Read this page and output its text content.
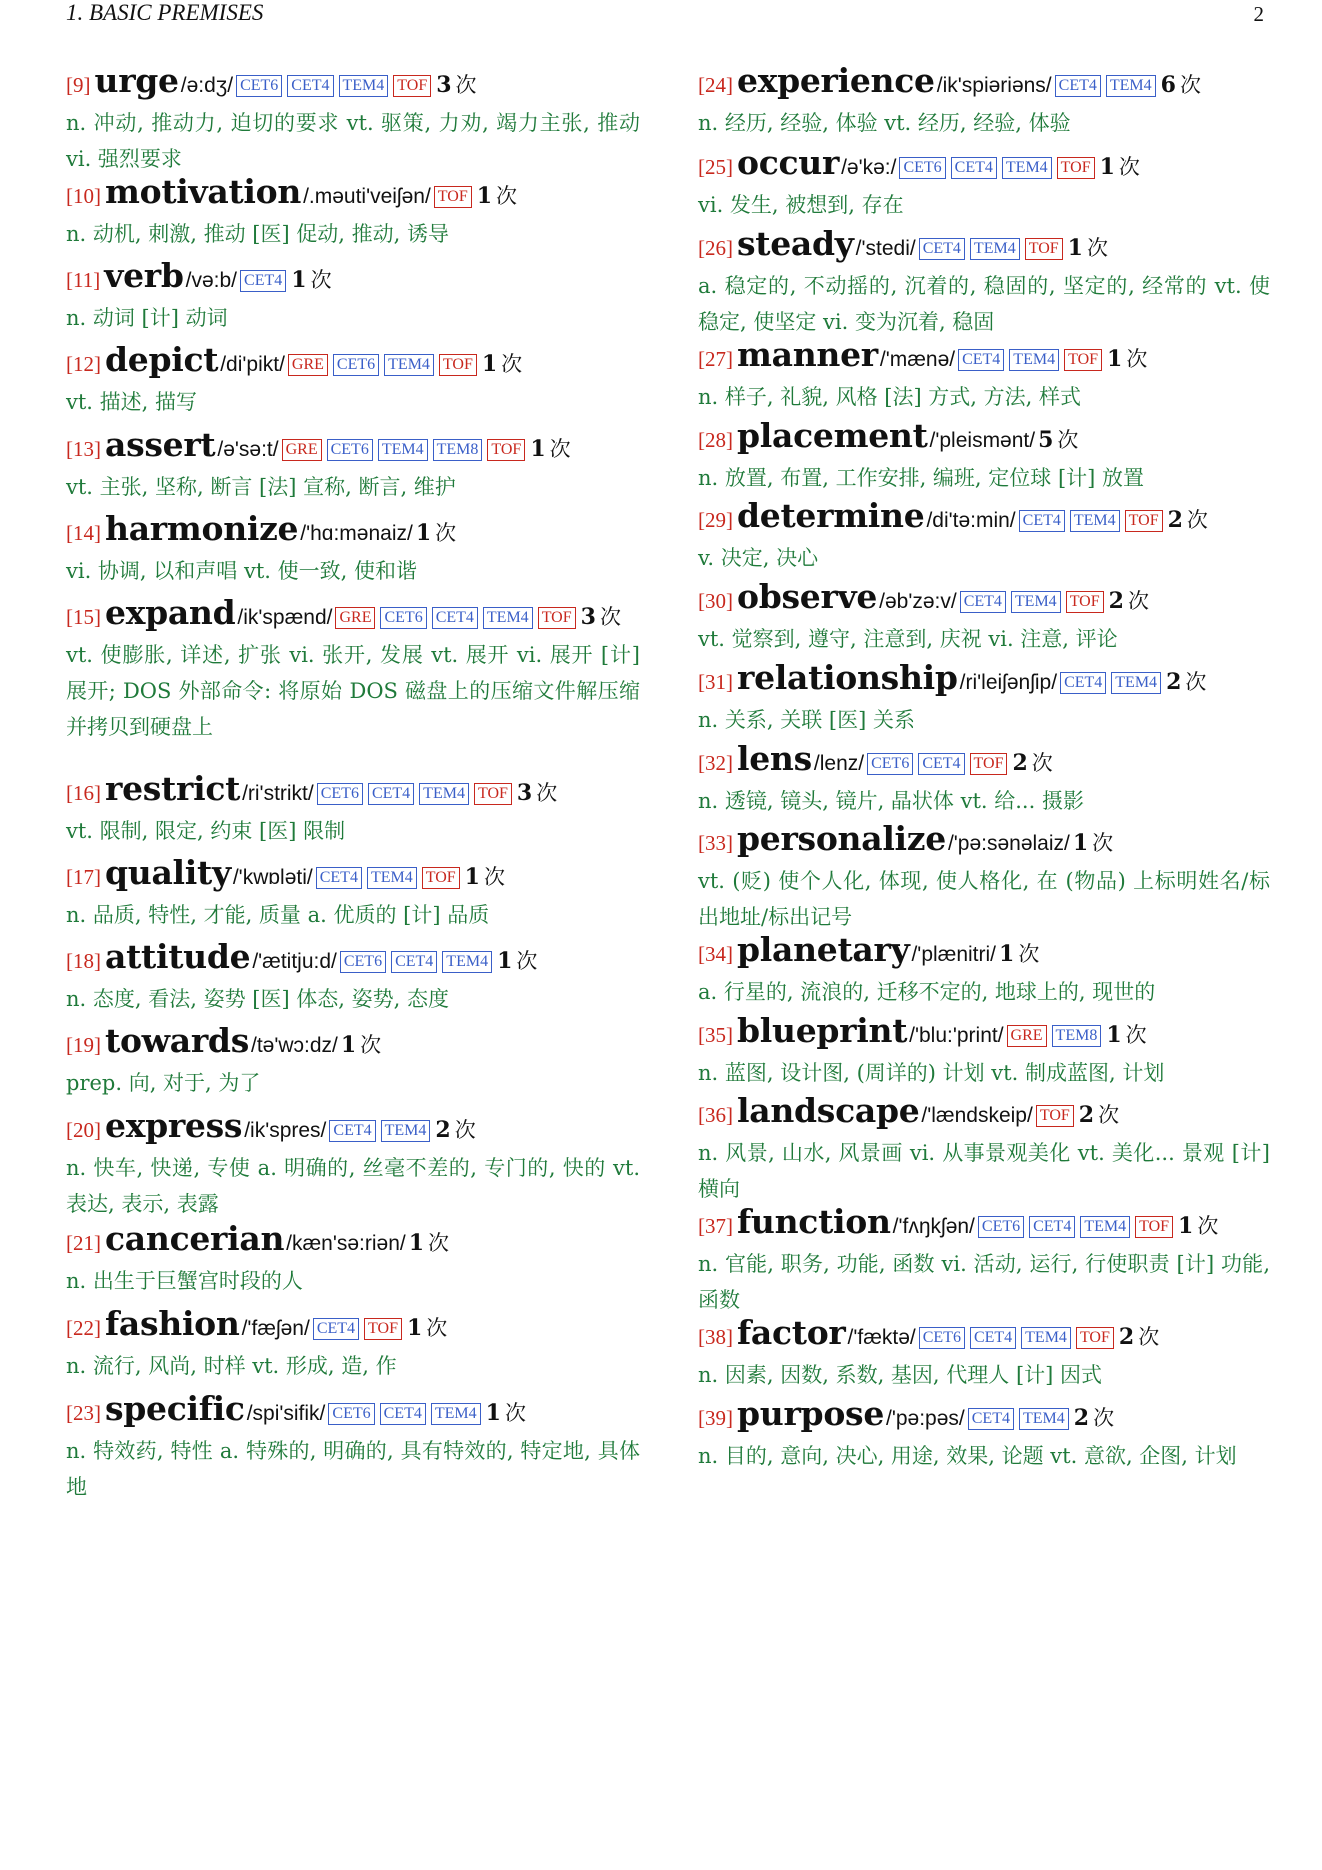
1. BASIC PREMISES	2
[9] urge/ə:dʒ/ CET6 CET4 TEM4 TOF 3 次
n. 冲动, 推动力, 迫切的要求 vt. 驱策, 力劝, 竭力主张, 推动 vi. 强烈要求
[10] motivation/.məuti'veiʃən/ TOF 1 次
n. 动机, 刺激, 推动 [医] 促动, 推动, 诱导
[11] verb/və:b/ CET4 1 次
n. 动词 [计] 动词
[12] depict/di'pikt/ GRE CET6 TEM4 TOF 1 次
vt. 描述, 描写
[13] assert/ə'sə:t/ GRE CET6 TEM4 TEM8 TOF 1 次
vt. 主张, 坚称, 断言 [法] 宣称, 断言, 维护
[14] harmonize/'hɑ:mənaiz/ 1 次
vi. 协调, 以和声唱 vt. 使一致, 使和谐
[15] expand/ik'spænd/ GRE CET6 CET4 TEM4 TOF 3 次
vt. 使膨胀, 详述, 扩张 vi. 张开, 发展 vt. 展开 vi. 展开 [计] 展开; DOS 外部命令: 将原始 DOS 磁盘上的压缩文件解压缩并拷贝到硬盘上
[16] restrict/ri'strikt/ CET6 CET4 TEM4 TOF 3 次
vt. 限制, 限定, 约束 [医] 限制
[17] quality/'kwɒləti/ CET4 TEM4 TOF 1 次
n. 品质, 特性, 才能, 质量 a. 优质的 [计] 品质
[18] attitude/'ætitju:d/ CET6 CET4 TEM4 1 次
n. 态度, 看法, 姿势 [医] 体态, 姿势, 态度
[19] towards/tə'wɔ:dz/ 1 次
prep. 向, 对于, 为了
[20] express/ik'spres/ CET4 TEM4 2 次
n. 快车, 快递, 专使 a. 明确的, 丝毫不差的, 专门的, 快的 vt. 表达, 表示, 表露
[21] cancerian/kæn'sə:riən/ 1 次
n. 出生于巨蟹宫时段的人
[22] fashion/'fæʃən/ CET4 TOF 1 次
n. 流行, 风尚, 时样 vt. 形成, 造, 作
[23] specific/spi'sifik/ CET6 CET4 TEM4 1 次
n. 特效药, 特性 a. 特殊的, 明确的, 具有特效的, 特定地, 具体地
[24] experience/ik'spiəriəns/ CET4 TEM4 6 次
n. 经历, 经验, 体验 vt. 经历, 经验, 体验
[25] occur/ə'kə:/ CET6 CET4 TEM4 TOF 1 次
vi. 发生, 被想到, 存在
[26] steady/'stedi/ CET4 TEM4 TOF 1 次
a. 稳定的, 不动摇的, 沉着的, 稳固的, 坚定的, 经常的 vt. 使稳定, 使坚定 vi. 变为沉着, 稳固
[27] manner/'mænə/ CET4 TEM4 TOF 1 次
n. 样子, 礼貌, 风格 [法] 方式, 方法, 样式
[28] placement/'pleismənt/ 5 次
n. 放置, 布置, 工作安排, 编班, 定位球 [计] 放置
[29] determine/di'tə:min/ CET4 TEM4 TOF 2 次
v. 决定, 决心
[30] observe/əb'zə:v/ CET4 TEM4 TOF 2 次
vt. 觉察到, 遵守, 注意到, 庆祝 vi. 注意, 评论
[31] relationship/ri'leiʃənʃip/ CET4 TEM4 2 次
n. 关系, 关联 [医] 关系
[32] lens/lenz/ CET6 CET4 TOF 2 次
n. 透镜, 镜头, 镜片, 晶状体 vt. 给... 摄影
[33] personalize/'pə:sənəlaiz/ 1 次
vt. (贬) 使个人化, 体现, 使人格化, 在 (物品) 上标明姓名/标出地址/标出记号
[34] planetary/'plænitri/ 1 次
a. 行星的, 流浪的, 迁移不定的, 地球上的, 现世的
[35] blueprint/'blu:'print/ GRE TEM8 1 次
n. 蓝图, 设计图, (周详的) 计划 vt. 制成蓝图, 计划
[36] landscape/'lændskeip/ TOF 2 次
n. 风景, 山水, 风景画 vi. 从事景观美化 vt. 美化... 景观 [计] 横向
[37] function/'fʌŋkʃən/ CET6 CET4 TEM4 TOF 1 次
n. 官能, 职务, 功能, 函数 vi. 活动, 运行, 行使职责 [计] 功能, 函数
[38] factor/'fæktə/ CET6 CET4 TEM4 TOF 2 次
n. 因素, 因数, 系数, 基因, 代理人 [计] 因式
[39] purpose/'pə:pəs/ CET4 TEM4 2 次
n. 目的, 意向, 决心, 用途, 效果, 论题 vt. 意欲, 企图, 计划
